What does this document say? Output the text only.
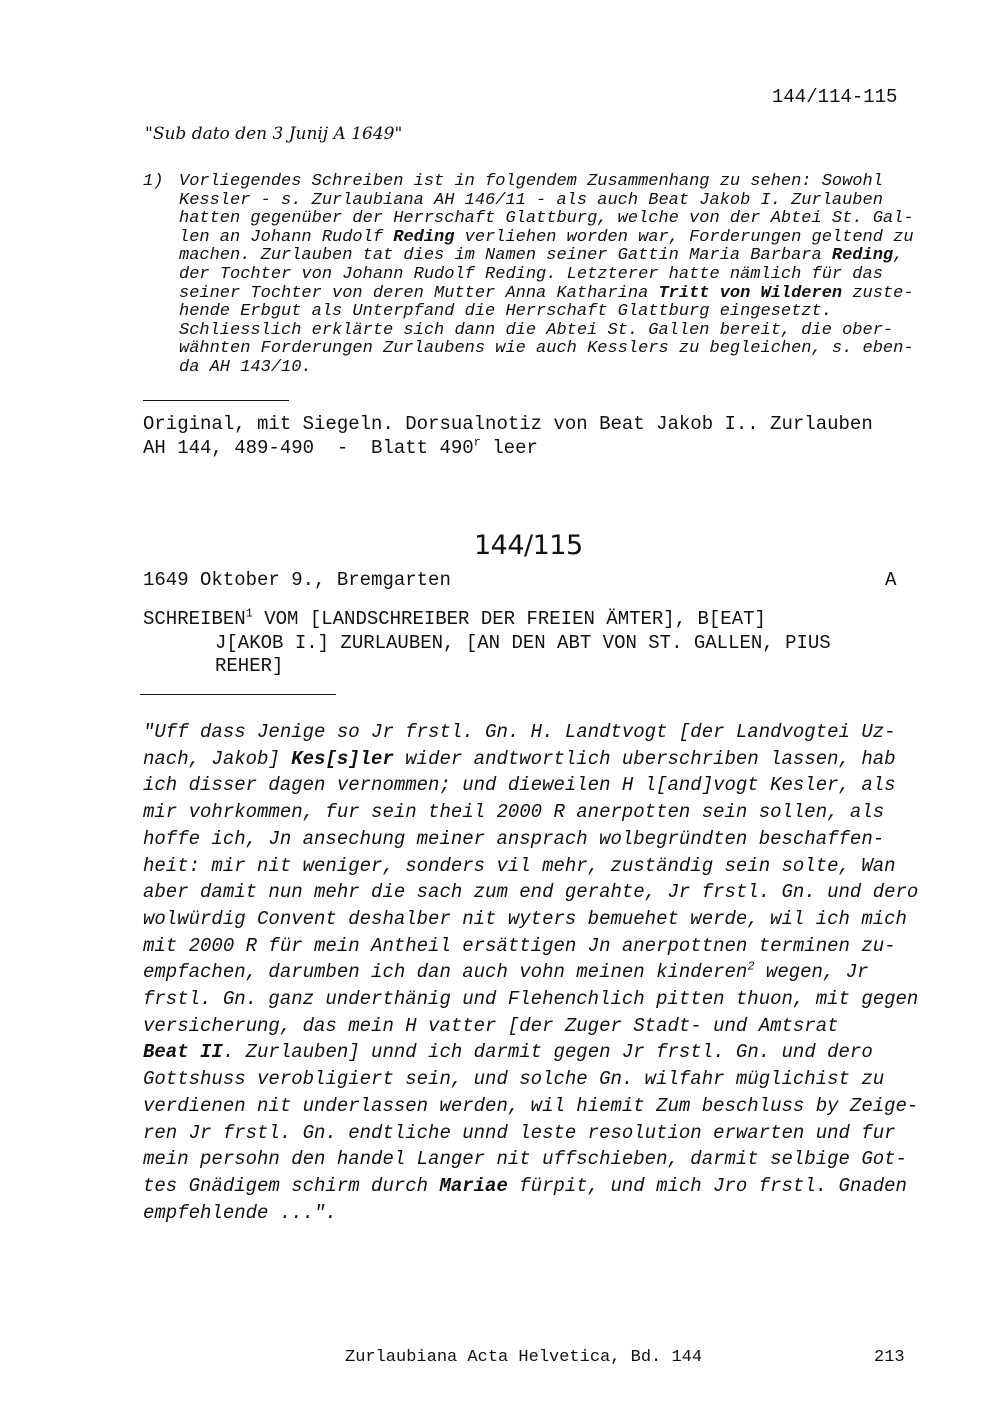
144/114-115
"Sub dato den 3 Junij A 1649"
1) Vorliegendes Schreiben ist in folgendem Zusammenhang zu sehen: Sowohl

Kessler - s. Zurlaubiana AH 146/11 - als auch Beat Jakob I. Zurlauben

hatten gegenüber der Herrschaft Glattburg, welche von der Abtei St. Gal-

len an Johann Rudolf Reding verliehen worden war, Forderungen geltend zu

machen. Zurlauben tat dies im Namen seiner Gattin Maria Barbara Reding,

der Tochter von Johann Rudolf Reding. Letzterer hatte nämlich für das

seiner Tochter von deren Mutter Anna Katharina Tritt von Wilderen zuste-

hende Erbgut als Unterpfand die Herrschaft Glattburg eingesetzt.

Schliesslich erklärte sich dann die Abtei St. Gallen bereit, die ober-

wähnten Forderungen Zurlaubens wie auch Kesslers zu begleichen, s. eben-

da AH 143/10.

Original, mit Siegeln. Dorsualnotiz von Beat Jakob I.. Zurlauben
AH 144, 489-490  -  Blatt 490$^r$ leer
144/115
1649 Oktober 9., Bremgarten	A

SCHREIBEN$^1$ VOM [LANDSCHREIBER DER FREIEN ÄMTER], B[EAT]

J[AKOB I.] ZURLAUBEN, [AN DEN ABT VON ST. GALLEN, PIUS

REHER]

"Uff dass Jenige so Jr frstl. Gn. H. Landtvogt [der Landvogtei Uz-

nach, Jakob] Kes[s]ler wider andtwortlich uberschriben lassen, hab

ich disser dagen vernommen; und dieweilen H l[and]vogt Kesler, als

mir vohrkommen, fur sein theil 2000 R anerpotten sein sollen, als

hoffe ich, Jn ansechung meiner ansprach wolbegründten beschaffen-

heit: mir nit weniger, sonders vil mehr, zuständig sein solte, Wan

aber damit nun mehr die sach zum end gerahte, Jr frstl. Gn. und dero

wolwürdig Convent deshalber nit wyters bemuehet werde, wil ich mich

mit 2000 R für mein Antheil ersättigen Jn anerpottnen terminen zu-

empfachen, darumben ich dan auch vohn meinen kinderen$^2$ wegen, Jr

frstl. Gn. ganz underthänig und Flehenchlich pitten thuon, mit gegen

versicherung, das mein H vatter [der Zuger Stadt- und Amtsrat

Beat II. Zurlauben] unnd ich darmit gegen Jr frstl. Gn. und dero

Gottshuss verobligiert sein, und solche Gn. wilfahr müglichist zu

verdienen nit underlassen werden, wil hiemit Zum beschluss by Zeige-

ren Jr frstl. Gn. endtliche unnd leste resolution erwarten und fur

mein persohn den handel Langer nit uffschieben, darmit selbige Got-

tes Gnädigem schirm durch Mariae fürpit, und mich Jro frstl. Gnaden

empfehlende ...".

Zurlaubiana Acta Helvetica, Bd. 144	213
